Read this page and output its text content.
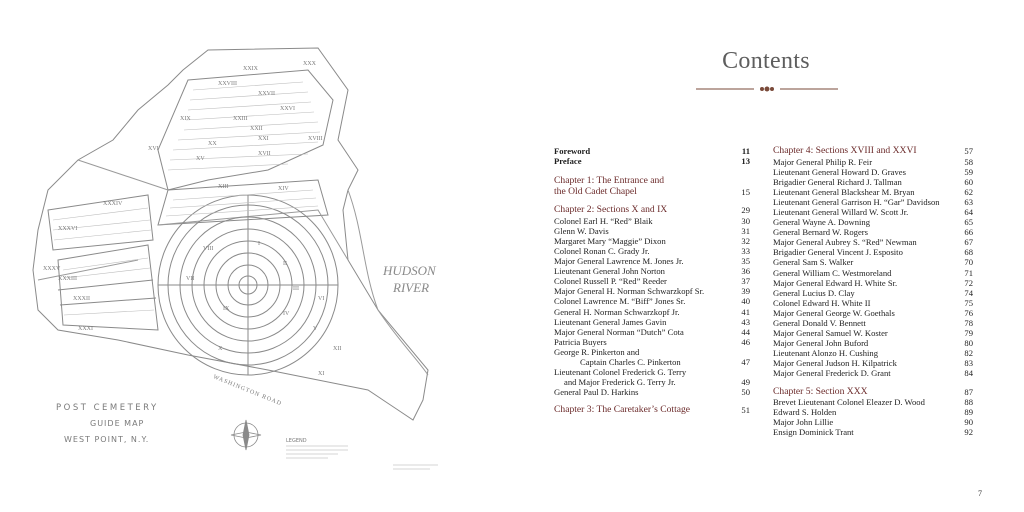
XXIX
XXX
XXVIII
XXVII
XXVI
XIX	XXIII
XXII
XXI
XX
XV
XVII
XVIII
XIV
XIII
XVI
XXXIV
XXXVI
XXXV
VIII
VII
IX
I
II
III
IV
V
VI
X
XI
XXXI
XXXII
XXXIII
XII
HUDSON
RIVER
WASHINGTON ROAD
POST CEMETERY
GUIDE MAP
WEST POINT, N.Y.	LEGEND
Contents
Foreword	11
Preface	13
Chapter 1: The Entrance and
the Old Cadet Chapel	15
Chapter 2: Sections X and IX	29
Colonel Earl H. “Red” Blaik	30
Glenn W. Davis	31
Margaret Mary “Maggie” Dixon	32
Colonel Ronan C. Grady Jr.	33
Major General Lawrence M. Jones Jr.	35
Lieutenant General John Norton	36
Colonel Russell P. “Red” Reeder	37
Major General H. Norman Schwarzkopf Sr.	39
Colonel Lawrence M. “Biff” Jones Sr.	40
General H. Norman Schwarzkopf Jr.	41
Lieutenant General James Gavin	43
Major General Norman “Dutch” Cota	44
Patricia Buyers	46
George R. Pinkerton and
Captain Charles C. Pinkerton	47
Lieutenant Colonel Frederick G. Terry
and Major Frederick G. Terry Jr.	49
General Paul D. Harkins	50
Chapter 3: The Caretaker’s Cottage	51
Chapter 4: Sections XVIII and XXVI	57
Major General Philip R. Feir	58
Lieutenant General Howard D. Graves	59
Brigadier General Richard J. Tallman	60
Lieutenant General Blackshear M. Bryan	62
Lieutenant General Garrison H. “Gar” Davidson	63
Lieutenant General Willard W. Scott Jr.	64
General Wayne A. Downing	65
General Bernard W. Rogers	66
Major General Aubrey S. “Red” Newman	67
Brigadier General Vincent J. Esposito	68
General Sam S. Walker	70
General William C. Westmoreland	71
Major General Edward H. White Sr.	72
General Lucius D. Clay	74
Colonel Edward H. White II	75
Major General George W. Goethals	76
General Donald V. Bennett	78
Major General Samuel W. Koster	79
Major General John Buford	80
Lieutenant Alonzo H. Cushing	82
Major General Judson H. Kilpatrick	83
Major General Frederick D. Grant	84
Chapter 5: Section XXX	87
Brevet Lieutenant Colonel Eleazer D. Wood	88
Edward S. Holden	89
Major John Lillie	90
Ensign Dominick Trant	92
7
